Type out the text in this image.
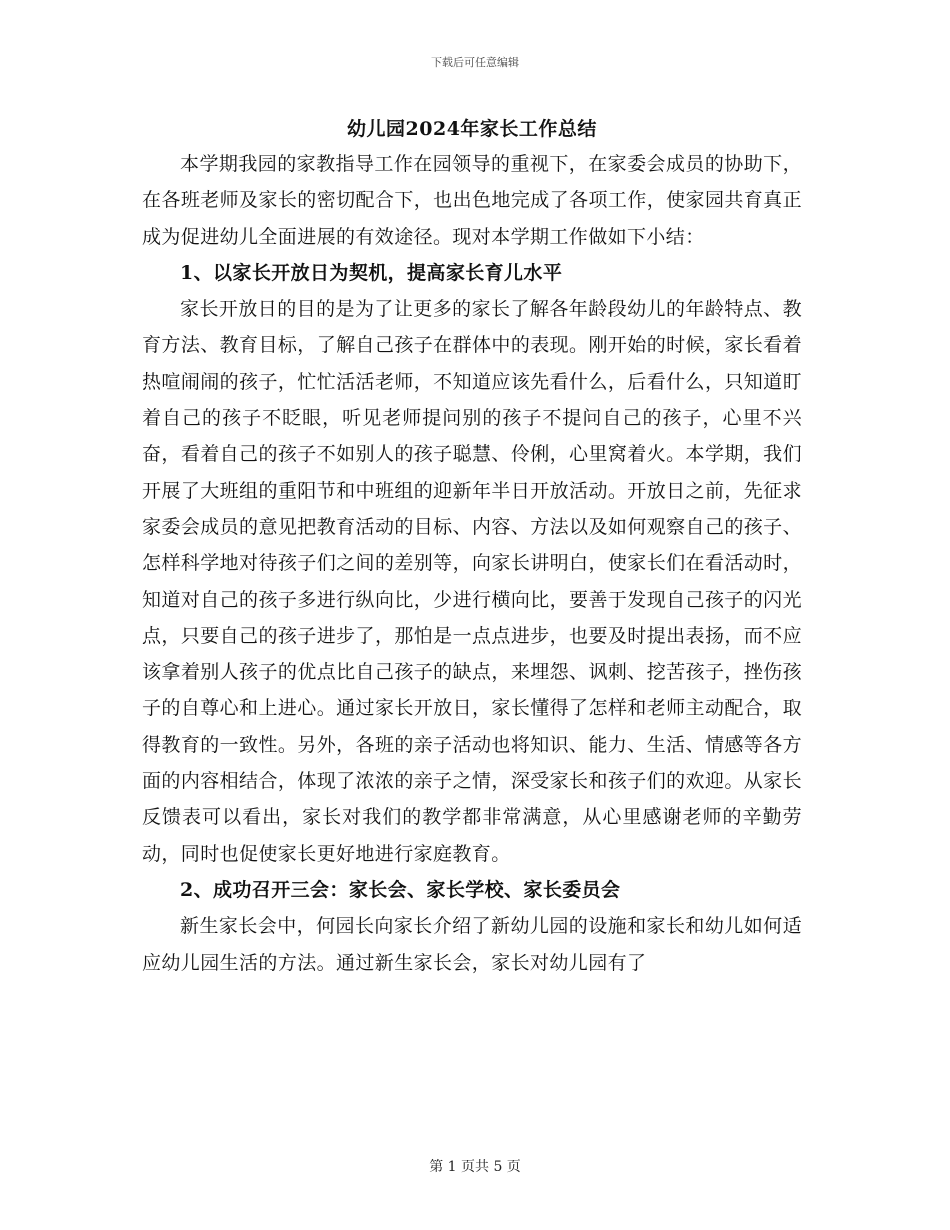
下载后可任意编辑
幼儿园2024年家长工作总结

本学期我园的家教指导工作在园领导的重视下，在家委会成员的协助下，在各班老师及家长的密切配合下，也出色地完成了各项工作，使家园共育真正成为促进幼儿全面进展的有效途径。现对本学期工作做如下小结：

1、以家长开放日为契机，提高家长育儿水平

家长开放日的目的是为了让更多的家长了解各年龄段幼儿的年龄特点、教育方法、教育目标，了解自己孩子在群体中的表现。刚开始的时候，家长看着热喧闹闹的孩子，忙忙活活老师，不知道应该先看什么，后看什么，只知道盯着自己的孩子不眨眼，听见老师提问别的孩子不提问自己的孩子，心里不兴奋，看着自己的孩子不如别人的孩子聪慧、伶俐，心里窝着火。本学期，我们开展了大班组的重阳节和中班组的迎新年半日开放活动。开放日之前，先征求家委会成员的意见把教育活动的目标、内容、方法以及如何观察自己的孩子、怎样科学地对待孩子们之间的差别等，向家长讲明白，使家长们在看活动时，知道对自己的孩子多进行纵向比，少进行横向比，要善于发现自己孩子的闪光点，只要自己的孩子进步了，那怕是一点点进步，也要及时提出表扬，而不应该拿着别人孩子的优点比自己孩子的缺点，来埋怨、讽刺、挖苦孩子，挫伤孩子的自尊心和上进心。通过家长开放日，家长懂得了怎样和老师主动配合，取得教育的一致性。另外，各班的亲子活动也将知识、能力、生活、情感等各方面的内容相结合，体现了浓浓的亲子之情，深受家长和孩子们的欢迎。从家长反馈表可以看出，家长对我们的教学都非常满意，从心里感谢老师的辛勤劳动，同时也促使家长更好地进行家庭教育。

2、成功召开三会：家长会、家长学校、家长委员会

新生家长会中，何园长向家长介绍了新幼儿园的设施和家长和幼儿如何适应幼儿园生活的方法。通过新生家长会，家长对幼儿园有了

第 1 页共 5 页
